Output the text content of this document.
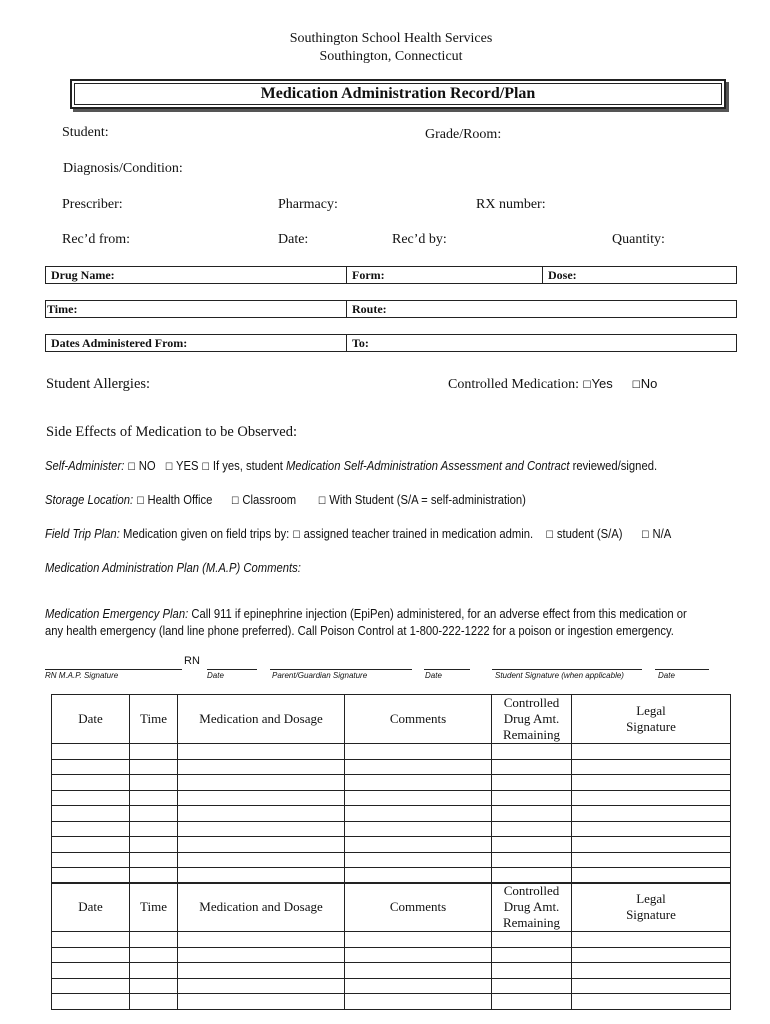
Southington School Health Services
Southington, Connecticut
Medication Administration Record/Plan
Student:	Grade/Room:
Diagnosis/Condition:
Prescriber:	Pharmacy:	RX number:
Rec’d from:	Date:	Rec’d by:	Quantity:
Drug Name:	Form:	Dose:
Time:	Route:
Dates Administered From:	To:
Student Allergies:	Controlled Medication: ☐Yes ☐No
Side Effects of Medication to be Observed:
Self-Administer: ☐ NO ☐ YES ☐ If yes, student Medication Self-Administration Assessment and Contract reviewed/signed.
Storage Location: ☐ Health Office ☐ Classroom ☐ With Student (S/A = self-administration)
Field Trip Plan: Medication given on field trips by: ☐ assigned teacher trained in medication admin. ☐ student (S/A) ☐ N/A
Medication Administration Plan (M.A.P) Comments:
Medication Emergency Plan: Call 911 if epinephrine injection (EpiPen) administered, for an adverse effect from this medication or
any health emergency (land line phone preferred). Call Poison Control at 1-800-222-1222 for a poison or ingestion emergency.
RN
RN M.A.P. Signature	Date	Parent/Guardian Signature	Date	Student Signature (when applicable)	Date
Date	Time	Medication and Dosage	Comments	Controlled
Drug Amt.
Remaining	Legal
Signature

Date	Time	Medication and Dosage	Comments	Controlled
Drug Amt.
Remaining	Legal
Signature
